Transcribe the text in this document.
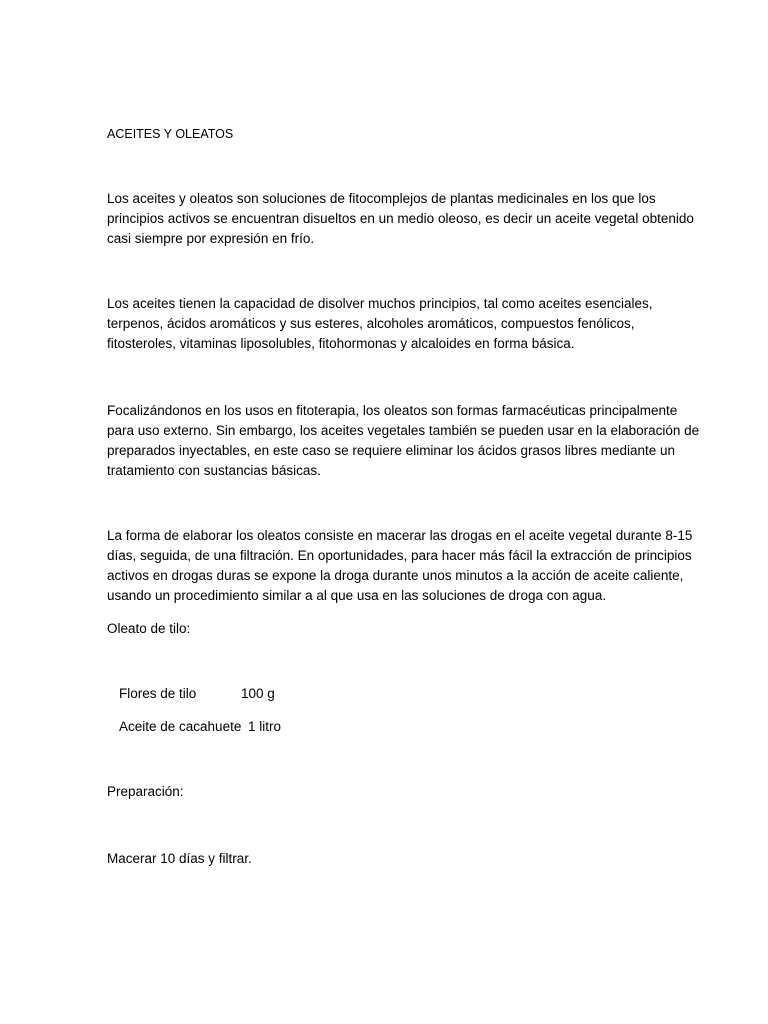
ACEITES Y OLEATOS
Los aceites y oleatos son soluciones de fitocomplejos de plantas medicinales en los que los
principios activos se encuentran disueltos en un medio oleoso, es decir un aceite vegetal obtenido
casi siempre por expresión en frío.
Los aceites tienen la capacidad de disolver muchos principios, tal como aceites esenciales,
terpenos, ácidos aromáticos y sus esteres, alcoholes aromáticos, compuestos fenólicos,
fitosteroles, vitaminas liposolubles, fitohormonas y alcaloides en forma básica.
Focalizándonos en los usos en fitoterapia, los oleatos son formas farmacéuticas principalmente
para uso externo. Sin embargo, los aceites vegetales también se pueden usar en la elaboración de
preparados inyectables, en este caso se requiere eliminar los ácidos grasos libres mediante un
tratamiento con sustancias básicas.
La forma de elaborar los oleatos consiste en macerar las drogas en el aceite vegetal durante 8-15
días, seguida, de una filtración. En oportunidades, para hacer más fácil la extracción de principios
activos en drogas duras se expone la droga durante unos minutos a la acción de aceite caliente,
usando un procedimiento similar a al que usa en las soluciones de droga con agua.
Oleato de tilo:
Flores de tilo	100 g
Aceite de cacahuete 1 litro
Preparación:
Macerar 10 días y filtrar.
